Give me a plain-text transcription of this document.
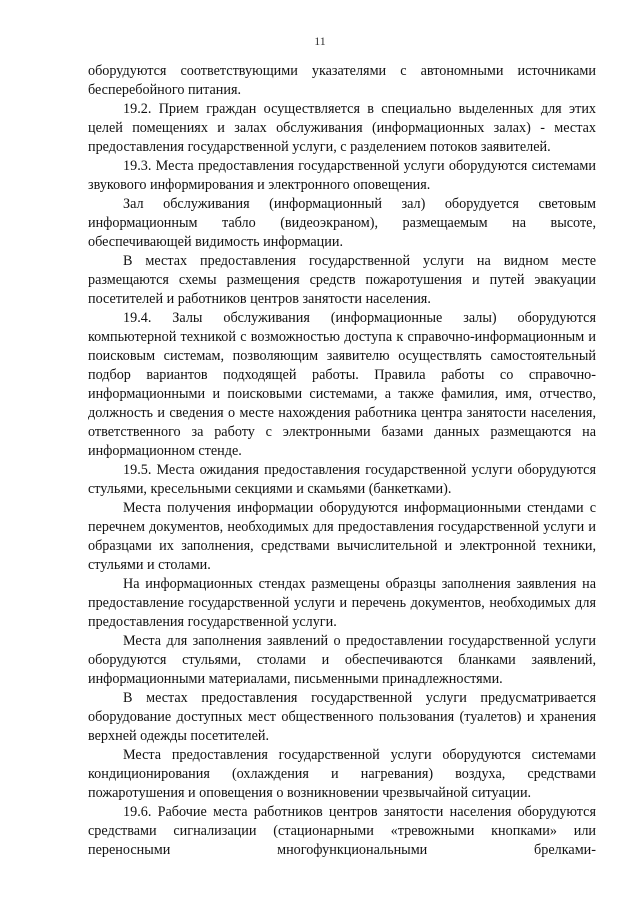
11

оборудуются соответствующими указателями с автономными источниками бесперебойного питания.

19.2. Прием граждан осуществляется в специально выделенных для этих целей помещениях и залах обслуживания (информационных залах) - местах предоставления государственной услуги, с разделением потоков заявителей.

19.3. Места предоставления государственной услуги оборудуются системами звукового информирования и электронного оповещения.

Зал обслуживания (информационный зал) оборудуется световым информационным табло (видеоэкраном), размещаемым на высоте, обеспечивающей видимость информации.

В местах предоставления государственной услуги на видном месте размещаются схемы размещения средств пожаротушения и путей эвакуации посетителей и работников центров занятости населения.

19.4. Залы обслуживания (информационные залы) оборудуются компьютерной техникой с возможностью доступа к справочно-информационным и поисковым системам, позволяющим заявителю осуществлять самостоятельный подбор вариантов подходящей работы. Правила работы со справочно-информационными и поисковыми системами, а также фамилия, имя, отчество, должность и сведения о месте нахождения работника центра занятости населения, ответственного за работу с электронными базами данных размещаются на информационном стенде.

19.5. Места ожидания предоставления государственной услуги оборудуются стульями, кресельными секциями и скамьями (банкетками).

Места получения информации оборудуются информационными стендами с перечнем документов, необходимых для предоставления государственной услуги и образцами их заполнения, средствами вычислительной и электронной техники, стульями и столами.

На информационных стендах размещены образцы заполнения заявления на предоставление государственной услуги и перечень документов, необходимых для предоставления государственной услуги.

Места для заполнения заявлений о предоставлении государственной услуги оборудуются стульями, столами и обеспечиваются бланками заявлений, информационными материалами, письменными принадлежностями.

В местах предоставления государственной услуги предусматривается оборудование доступных мест общественного пользования (туалетов) и хранения верхней одежды посетителей.

Места предоставления государственной услуги оборудуются системами кондиционирования (охлаждения и нагревания) воздуха, средствами пожаротушения и оповещения о возникновении чрезвычайной ситуации.

19.6. Рабочие места работников центров занятости населения оборудуются средствами сигнализации (стационарными «тревожными кнопками» или переносными многофункциональными брелками-
